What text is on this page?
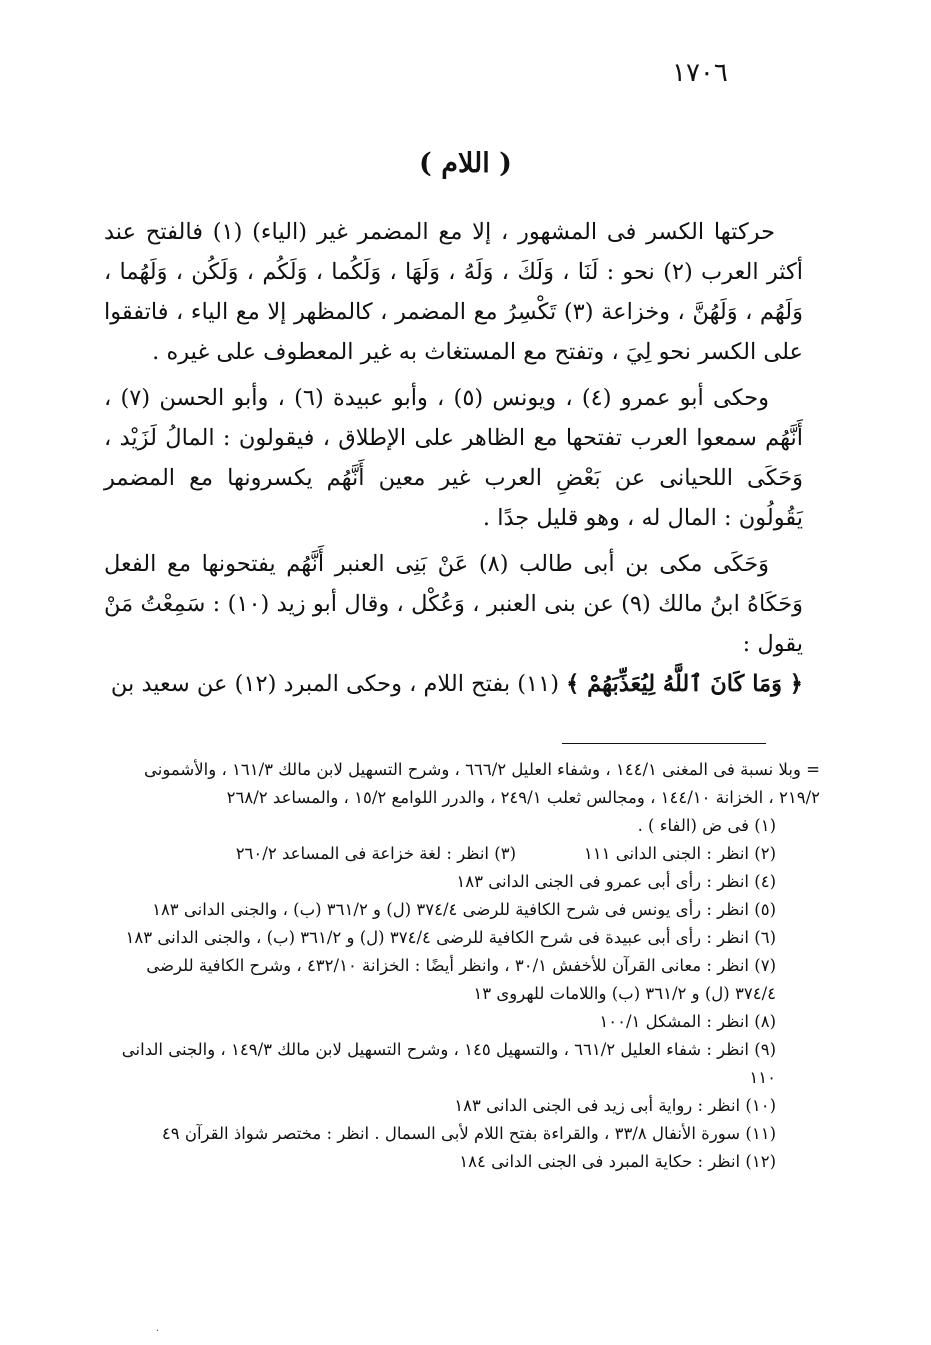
١٧٠٦
( اللام )

حركتها الكسر فى المشهور ، إلا مع المضمر غير (الياء) (١) فالفتح عند أكثر العرب (٢) نحو : لَنَا ، وَلَكَ ، وَلَهُ ، وَلَهَا ، وَلَكُما ، وَلَكُم ، وَلَكُن ، وَلَهُما ، وَلَهُم ، وَلَهُنَّ ، وخزاعة (٣) تَكْسِرُ مع المضمر ، كالمظهر إلا مع الياء ، فاتفقوا على الكسر نحو لِيَ ، وتفتح مع المستغاث به غير المعطوف على غيره .

وحكى أبو عمرو (٤) ، ويونس (٥) ، وأبو عبيدة (٦) ، وأبو الحسن (٧) ، أَنَّهُم سمعوا العرب تفتحها مع الظاهر على الإطلاق ، فيقولون : المالُ لَزَيْد ، وَحَكَى اللحيانى عن بَعْضِ العرب غير معين أَنَّهُم يكسرونها مع المضمر يَقُولُون : المال له ، وهو قليل جدًا .

وَحَكَى مكى بن أبى طالب (٨) عَنْ بَنِى العنبر أَنَّهُم يفتحونها مع الفعل وَحَكَاهُ ابنُ مالك (٩) عن بنى العنبر ، وَعُكْل ، وقال أبو زيد (١٠) : سَمِعْتُ مَنْ يقول :
﴿ وَمَا كَانَ ٱللَّهُ لِيُعَذِّبَهُمْ ﴾ (١١) بفتح اللام ، وحكى المبرد (١٢) عن سعيد بن

= وبلا نسبة فى المغنى ١٤٤/١ ، وشفاء العليل ٦٦٦/٢ ، وشرح التسهيل لابن مالك ١٦١/٣ ، والأشمونى ٢١٩/٢ ، الخزانة ١٤٤/١٠ ، ومجالس ثعلب ٢٤٩/١ ، والدرر اللوامع ١٥/٢ ، والمساعد ٢٦٨/٢

(١) فى ض (الفاء ) .

(٢) انظر : الجنى الدانى ١١١
(٣) انظر : لغة خزاعة فى المساعد ٢٦٠/٢

(٤) انظر : رأى أبى عمرو فى الجنى الدانى ١٨٣

(٥) انظر : رأى يونس فى شرح الكافية للرضى ٣٧٤/٤ (ل) و ٣٦١/٢ (ب) ، والجنى الدانى ١٨٣

(٦) انظر : رأى أبى عبيدة فى شرح الكافية للرضى ٣٧٤/٤ (ل) و ٣٦١/٢ (ب) ، والجنى الدانى ١٨٣

(٧) انظر : معانى القرآن للأخفش ٣٠/١ ، وانظر أيضًا : الخزانة ٤٣٢/١٠ ، وشرح الكافية للرضى ٣٧٤/٤ (ل) و ٣٦١/٢ (ب) واللامات للهروى ١٣

(٨) انظر : المشكل ١٠٠/١

(٩) انظر : شفاء العليل ٦٦١/٢ ، والتسهيل ١٤٥ ، وشرح التسهيل لابن مالك ١٤٩/٣ ، والجنى الدانى ١١٠

(١٠) انظر : رواية أبى زيد فى الجنى الدانى ١٨٣

(١١) سورة الأنفال ٣٣/٨ ، والقراءة بفتح اللام لأبى السمال . انظر : مختصر شواذ القرآن ٤٩

(١٢) انظر : حكاية المبرد فى الجنى الدانى ١٨٤

·
